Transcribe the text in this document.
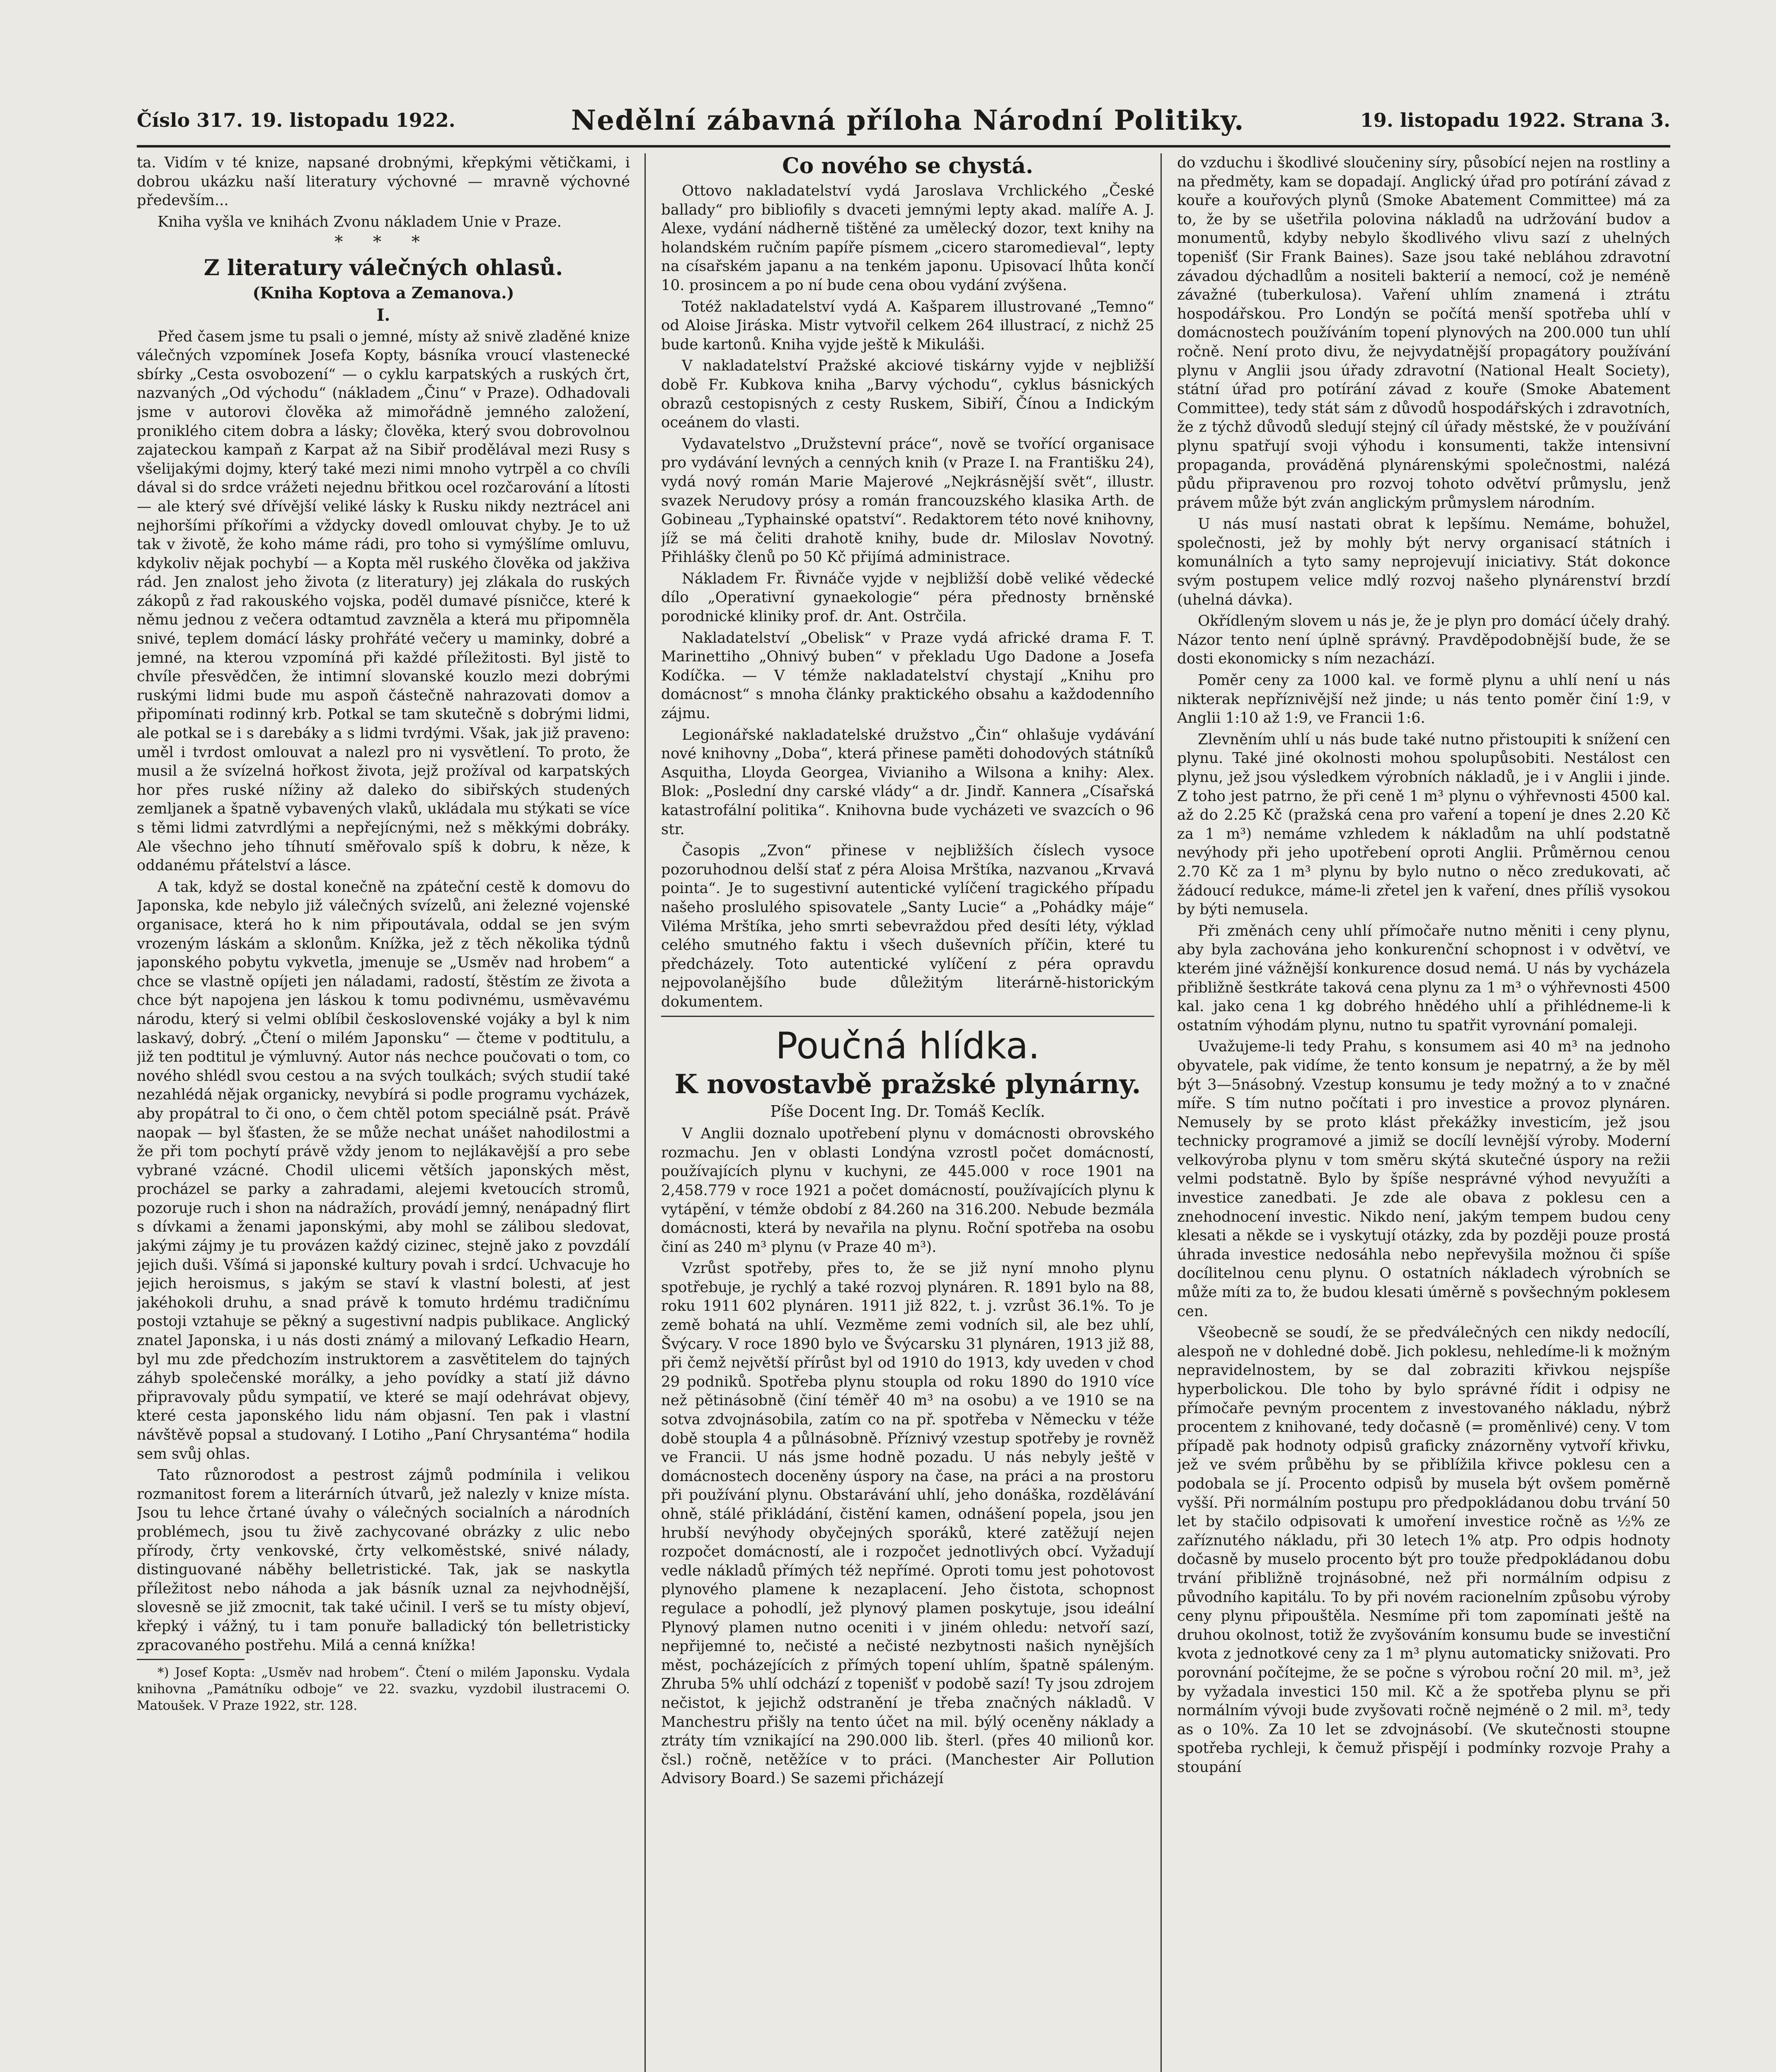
Číslo 317. 19. listopadu 1922.	Nedělní zábavná příloha Národní Politiky.	19. listopadu 1922. Strana 3.

ta. Vidím v té knize, napsané drobnými, křepkými větičkami, i dobrou ukázku naší literatury výchovné — mravně výchovné především...

Kniha vyšla ve knihách Zvonu nákladem Unie v Praze.

* * *
Z literatury válečných ohlasů.
(Kniha Koptova a Zemanova.)
I.

Před časem jsme tu psali o jemné, místy až snivě zladěné knize válečných vzpomínek Josefa Kopty, básníka vroucí vlastenecké sbírky „Cesta osvobození“ — o cyklu karpatských a ruských črt, nazvaných „Od východu“ (nákladem „Činu“ v Praze). Odhadovali jsme v autorovi člověka až mimořádně jemného založení, proniklého citem dobra a lásky; člověka, který svou dobrovolnou zajateckou kampaň z Karpat až na Sibiř prodělával mezi Rusy s všelijakými dojmy, který také mezi nimi mnoho vytrpěl a co chvíli dával si do srdce vrážeti nejednu břitkou ocel rozčarování a lítosti — ale který své dřívější veliké lásky k Rusku nikdy neztrácel ani nejhoršími příkořími a vždycky dovedl omlouvat chyby. Je to už tak v životě, že koho máme rádi, pro toho si vymýšlíme omluvu, kdykoliv nějak pochybí — a Kopta měl ruského člověka od jakživa rád. Jen znalost jeho života (z literatury) jej zlákala do ruských zákopů z řad rakouského vojska, poděl dumavé písničce, které k němu jednou z večera odtamtud zavzněla a která mu připomněla snivé, teplem domácí lásky prohřáté večery u maminky, dobré a jemné, na kterou vzpomíná při každé příležitosti. Byl jistě to chvíle přesvědčen, že intimní slovanské kouzlo mezi dobrými ruskými lidmi bude mu aspoň částečně nahrazovati domov a připomínati rodinný krb. Potkal se tam skutečně s dobrými lidmi, ale potkal se i s darebáky a s lidmi tvrdými. Však, jak již praveno: uměl i tvrdost omlouvat a nalezl pro ni vysvětlení. To proto, že musil a že svízelná hořkost života, jejž prožíval od karpatských hor přes ruské nížiny až daleko do sibiřských studených zemljanek a špatně vybavených vlaků, ukládala mu stýkati se více s těmi lidmi zatvrdlými a nepřejícnými, než s měkkými dobráky. Ale všechno jeho tíhnutí směřovalo spíš k dobru, k něze, k oddanému přátelství a lásce.

A tak, když se dostal konečně na zpáteční cestě k domovu do Japonska, kde nebylo již válečných svízelů, ani železné vojenské organisace, která ho k nim připoutávala, oddal se jen svým vrozeným láskám a sklonům. Knížka, jež z těch několika týdnů japonského pobytu vykvetla, jmenuje se „Usměv nad hrobem“ a chce se vlastně opíjeti jen náladami, radostí, štěstím ze života a chce být napojena jen láskou k tomu podivnému, usměvavému národu, který si velmi oblíbil československé vojáky a byl k nim laskavý, dobrý. „Čtení o milém Japonsku“ — čteme v podtitulu, a již ten podtitul je výmluvný. Autor nás nechce poučovati o tom, co nového shlédl svou cestou a na svých toulkách; svých studií také nezahlédá nějak organicky, nevybírá si podle programu vycházek, aby propátral to či ono, o čem chtěl potom speciálně psát. Právě naopak — byl šťasten, že se může nechat unášet nahodilostmi a že při tom pochytí právě vždy jenom to nejlákavější a pro sebe vybrané vzácné. Chodil ulicemi větších japonských měst, procházel se parky a zahradami, alejemi kvetoucích stromů, pozoruje ruch i shon na nádražích, provádí jemný, nenápadný flirt s dívkami a ženami japonskými, aby mohl se zálibou sledovat, jakými zájmy je tu provázen každý cizinec, stejně jako z povzdálí jejich duši. Všímá si japonské kultury povah i srdcí. Uchvacuje ho jejich heroismus, s jakým se staví k vlastní bolesti, ať jest jakéhokoli druhu, a snad právě k tomuto hrdému tradičnímu postoji vztahuje se pěkný a sugestivní nadpis publikace. Anglický znatel Japonska, i u nás dosti známý a milovaný Lefkadio Hearn, byl mu zde předchozím instruktorem a zasvětitelem do tajných záhyb společenské morálky, a jeho povídky a statí již dávno připravovaly půdu sympatií, ve které se mají odehrávat objevy, které cesta japonského lidu nám objasní. Ten pak i vlastní návštěvě popsal a studovaný. I Lotiho „Paní Chrysantéma“ hodila sem svůj ohlas.

Tato různorodost a pestrost zájmů podmínila i velikou rozmanitost forem a literárních útvarů, jež nalezly v knize místa. Jsou tu lehce črtané úvahy o válečných socialních a národních problémech, jsou tu živě zachycované obrázky z ulic nebo přírody, črty venkovské, črty velkoměstské, snivé nálady, distinguované náběhy belletristické. Tak, jak se naskytla příležitost nebo náhoda a jak básník uznal za nejvhodnější, slovesně se již zmocnit, tak také učinil. I verš se tu místy objeví, křepký i vážný, tu i tam ponuře balladický tón belletristicky zpracovaného postřehu. Milá a cenná knížka!

*) Josef Kopta: „Usměv nad hrobem“. Čtení o milém Japonsku. Vydala knihovna „Památníku odboje“ ve 22. svazku, vyzdobil ilustracemi O. Matoušek. V Praze 1922, str. 128.

Co nového se chystá.

Ottovo nakladatelství vydá Jaroslava Vrchlického „České ballady“ pro bibliofily s dvaceti jemnými lepty akad. malíře A. J. Alexe, vydání nádherně tištěné za umělecký dozor, text knihy na holandském ručním papíře písmem „cicero staromedieval“, lepty na císařském japanu a na tenkém japonu. Upisovací lhůta končí 10. prosincem a po ní bude cena obou vydání zvýšena.

Totéž nakladatelství vydá A. Kašparem illustrované „Temno“ od Aloise Jiráska. Mistr vytvořil celkem 264 illustrací, z nichž 25 bude kartonů. Kniha vyjde ještě k Mikuláši.

V nakladatelství Pražské akciové tiskárny vyjde v nejbližší době Fr. Kubkova kniha „Barvy východu“, cyklus básnických obrazů cestopisných z cesty Ruskem, Sibiří, Čínou a Indickým oceánem do vlasti.

Vydavatelstvo „Družstevní práce“, nově se tvořící organisace pro vydávání levných a cenných knih (v Praze I. na Františku 24), vydá nový román Marie Majerové „Nejkrásnější svět“, illustr. svazek Nerudovy prósy a román francouzského klasika Arth. de Gobineau „Typhainské opatství“. Redaktorem této nové knihovny, jíž se má čeliti drahotě knihy, bude dr. Miloslav Novotný. Přihlášky členů po 50 Kč přijímá administrace.

Nákladem Fr. Řivnáče vyjde v nejbližší době veliké vědecké dílo „Operativní gynaekologie“ péra přednosty brněnské porodnické kliniky prof. dr. Ant. Ostrčila.

Nakladatelství „Obelisk“ v Praze vydá africké drama F. T. Marinettiho „Ohnivý buben“ v překladu Ugo Dadone a Josefa Kodíčka. — V témže nakladatelství chystají „Knihu pro domácnost“ s mnoha články praktického obsahu a každodenního zájmu.

Legionářské nakladatelské družstvo „Čin“ ohlašuje vydávání nové knihovny „Doba“, která přinese paměti dohodových státníků Asquitha, Lloyda Georgea, Vivianiho a Wilsona a knihy: Alex. Blok: „Poslední dny carské vlády“ a dr. Jindř. Kannera „Císařská katastrofální politika“. Knihovna bude vycházeti ve svazcích o 96 str.

Časopis „Zvon“ přinese v nejbližších číslech vysoce pozoruhodnou delší stať z péra Aloisa Mrštíka, nazvanou „Krvavá pointa“. Je to sugestivní autentické vylíčení tragického případu našeho proslulého spisovatele „Santy Lucie“ a „Pohádky máje“ Viléma Mrštíka, jeho smrti sebevraždou před desíti léty, výklad celého smutného faktu i všech duševních příčin, které tu předcházely. Toto autentické vylíčení z péra opravdu nejpovolanějšího bude důležitým literárně-historickým dokumentem.

Poučná hlídka.
K novostavbě pražské plynárny.
Píše Docent Ing. Dr. Tomáš Keclík.

V Anglii doznalo upotřebení plynu v domácnosti obrovského rozmachu. Jen v oblasti Londýna vzrostl počet domácností, používajících plynu v kuchyni, ze 445.000 v roce 1901 na 2,458.779 v roce 1921 a počet domácností, používajících plynu k vytápění, v témže období z 84.260 na 316.200. Nebude bezmála domácnosti, která by nevařila na plynu. Roční spotřeba na osobu činí as 240 m³ plynu (v Praze 40 m³).

Vzrůst spotřeby, přes to, že se již nyní mnoho plynu spotřebuje, je rychlý a také rozvoj plynáren. R. 1891 bylo na 88, roku 1911 602 plynáren. 1911 již 822, t. j. vzrůst 36.1%. To je země bohatá na uhlí. Vezměme zemi vodních sil, ale bez uhlí, Švýcary. V roce 1890 bylo ve Švýcarsku 31 plynáren, 1913 již 88, při čemž největší přírůst byl od 1910 do 1913, kdy uveden v chod 29 podniků. Spotřeba plynu stoupla od roku 1890 do 1910 více než pětinásobně (činí téměř 40 m³ na osobu) a ve 1910 se na sotva zdvojnásobila, zatím co na př. spotřeba v Německu v téže době stoupla 4 a půlnásobně. Příznivý vzestup spotřeby je rovněž ve Francii. U nás jsme hodně pozadu. U nás nebyly ještě v domácnostech doceněny úspory na čase, na práci a na prostoru při používání plynu. Obstarávání uhlí, jeho donáška, rozdělávání ohně, stálé přikládání, čistění kamen, odnášení popela, jsou jen hrubší nevýhody obyčejných sporáků, které zatěžují nejen rozpočet domácností, ale i rozpočet jednotlivých obcí. Vyžadují vedle nákladů přímých též nepřímé. Oproti tomu jest pohotovost plynového plamene k nezaplacení. Jeho čistota, schopnost regulace a pohodlí, jež plynový plamen poskytuje, jsou ideální Plynový plamen nutno oceniti i v jiném ohledu: netvoří sazí, nepřijemné to, nečisté a nečisté nezbytnosti našich nynějších měst, pocházejících z přímých topení uhlím, špatně spáleným. Zhruba 5% uhlí odchází z topenišť v podobě sazí! Ty jsou zdrojem nečistot, k jejichž odstranění je třeba značných nákladů. V Manchestru přišly na tento účet na mil. býlý oceněny náklady a ztráty tím vznikající na 290.000 lib. šterl. (přes 40 milionů kor. čsl.) ročně, netěžíce v to práci. (Manchester Air Pollution Advisory Board.) Se sazemi přicházejí

do vzduchu i škodlivé sloučeniny síry, působící nejen na rostliny a na předměty, kam se dopadají. Anglický úřad pro potírání závad z kouře a kouřových plynů (Smoke Abatement Committee) má za to, že by se ušetřila polovina nákladů na udržování budov a monumentů, kdyby nebylo škodlivého vlivu sazí z uhelných topenišť (Sir Frank Baines). Saze jsou také nebláhou zdravotní závadou dýchadlům a nositeli bakterií a nemocí, což je neméně závažné (tuberkulosa). Vaření uhlím znamená i ztrátu hospodářskou. Pro Londýn se počítá menší spotřeba uhlí v domácnostech používáním topení plynových na 200.000 tun uhlí ročně. Není proto divu, že nejvydatnější propagátory používání plynu v Anglii jsou úřady zdravotní (National Healt Society), státní úřad pro potírání závad z kouře (Smoke Abatement Committee), tedy stát sám z důvodů hospodářských i zdravotních, že z týchž důvodů sledují stejný cíl úřady městské, že v používání plynu spatřují svoji výhodu i konsumenti, takže intensivní propaganda, prováděná plynárenskými společnostmi, nalézá půdu připravenou pro rozvoj tohoto odvětví průmyslu, jenž právem může být zván anglickým průmyslem národním.

U nás musí nastati obrat k lepšímu. Nemáme, bohužel, společnosti, jež by mohly být nervy organisací státních i komunálních a tyto samy neprojevují iniciativy. Stát dokonce svým postupem velice mdlý rozvoj našeho plynárenství brzdí (uhelná dávka).

Okřídleným slovem u nás je, že je plyn pro domácí účely drahý. Názor tento není úplně správný. Pravděpodobnější bude, že se dosti ekonomicky s ním nezachází.

Poměr ceny za 1000 kal. ve formě plynu a uhlí není u nás nikterak nepříznivější než jinde; u nás tento poměr činí 1:9, v Anglii 1:10 až 1:9, ve Francii 1:6.

Zlevněním uhlí u nás bude také nutno přistoupiti k snížení cen plynu. Také jiné okolnosti mohou spolupůsobiti. Nestálost cen plynu, jež jsou výsledkem výrobních nákladů, je i v Anglii i jinde. Z toho jest patrno, že při ceně 1 m³ plynu o výhřevnosti 4500 kal. až do 2.25 Kč (pražská cena pro vaření a topení je dnes 2.20 Kč za 1 m³) nemáme vzhledem k nákladům na uhlí podstatně nevýhody při jeho upotřebení oproti Anglii. Průměrnou cenou 2.70 Kč za 1 m³ plynu by bylo nutno o něco zredukovati, ač žádoucí redukce, máme-li zřetel jen k vaření, dnes příliš vysokou by býti nemusela.

Při změnách ceny uhlí přímočaře nutno měniti i ceny plynu, aby byla zachována jeho konkurenční schopnost i v odvětví, ve kterém jiné vážnější konkurence dosud nemá. U nás by vycházela přibližně šestkráte taková cena plynu za 1 m³ o výhřevnosti 4500 kal. jako cena 1 kg dobrého hnědého uhlí a přihlédneme-li k ostatním výhodám plynu, nutno tu spatřit vyrovnání pomaleji.

Uvažujeme-li tedy Prahu, s konsumem asi 40 m³ na jednoho obyvatele, pak vidíme, že tento konsum je nepatrný, a že by měl být 3—5násobný. Vzestup konsumu je tedy možný a to v značné míře. S tím nutno počítati i pro investice a provoz plynáren. Nemusely by se proto klást překážky investicím, jež jsou technicky programové a jimiž se docílí levnější výroby. Moderní velkovýroba plynu v tom směru skýtá skutečné úspory na režii velmi podstatně. Bylo by špíše nesprávné výhod nevyužíti a investice zanedbati. Je zde ale obava z poklesu cen a znehodnocení investic. Nikdo není, jakým tempem budou ceny klesati a někde se i vyskytují otázky, zda by později pouze prostá úhrada investice nedosáhla nebo nepřevyšila možnou či spíše docílitelnou cenu plynu. O ostatních nákladech výrobních se může míti za to, že budou klesati úměrně s povšechným poklesem cen.

Všeobecně se soudí, že se předválečných cen nikdy nedocílí, alespoň ne v dohledné době. Jich poklesu, nehledíme-li k možným nepravidelnostem, by se dal zobraziti křivkou nejspíše hyperbolickou. Dle toho by bylo správné řídit i odpisy ne přímočaře pevným procentem z investovaného nákladu, nýbrž procentem z knihované, tedy dočasně (= proměnlivé) ceny. V tom případě pak hodnoty odpisů graficky znázorněny vytvoří křivku, jež ve svém průběhu by se přiblížila křivce poklesu cen a podobala se jí. Procento odpisů by musela být ovšem poměrně vyšší. Při normálním postupu pro předpokládanou dobu trvání 50 let by stačilo odpisovati k umoření investice ročně as ½% ze zaříznutého nákladu, při 30 letech 1% atp. Pro odpis hodnoty dočasně by muselo procento být pro touže předpokládanou dobu trvání přibližně trojnásobné, než při normálním odpisu z původního kapitálu. To by při novém racionelním způsobu výroby ceny plynu připouštěla. Nesmíme při tom zapomínati ještě na druhou okolnost, totiž že zvyšováním konsumu bude se investiční kvota z jednotkové ceny za 1 m³ plynu automaticky snižovati. Pro porovnání počítejme, že se počne s výrobou roční 20 mil. m³, jež by vyžadala investici 150 mil. Kč a že spotřeba plynu se při normálním vývoji bude zvyšovati ročně nejméně o 2 mil. m³, tedy as o 10%. Za 10 let se zdvojnásobí. (Ve skutečnosti stoupne spotřeba rychleji, k čemuž přispějí i podmínky rozvoje Prahy a stoupání
